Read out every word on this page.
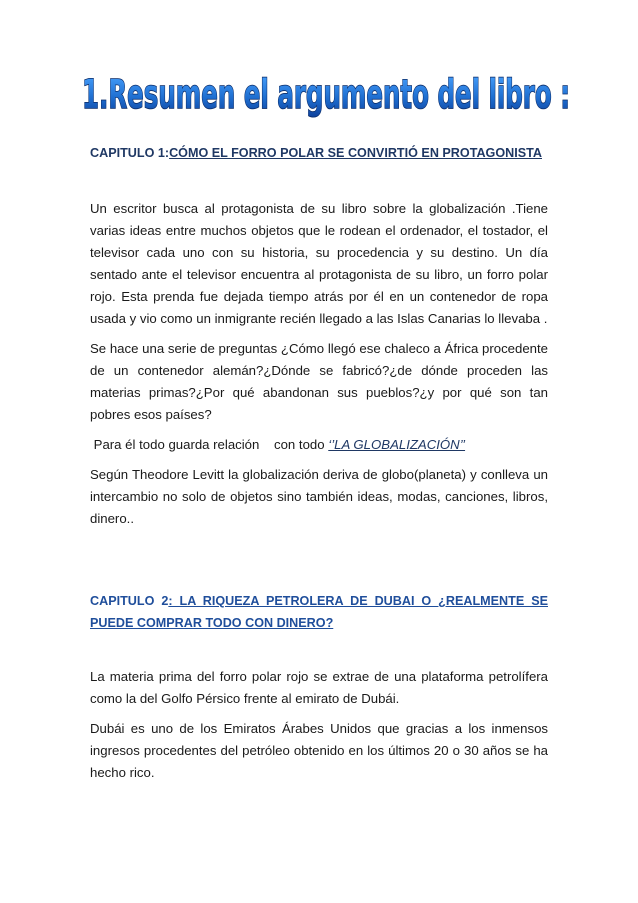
1.Resumen el argumento del libro :
CAPITULO 1:CÓMO EL FORRO POLAR SE CONVIRTIÓ EN PROTAGONISTA

Un escritor busca al protagonista de su libro sobre la globalización .Tiene varias ideas entre muchos objetos que le rodean el ordenador, el tostador, el televisor cada uno con su historia, su procedencia y su destino. Un día sentado ante el televisor encuentra al protagonista de su libro, un forro polar rojo. Esta prenda fue dejada tiempo atrás por él en un contenedor de ropa usada y vio como un inmigrante recién llegado a las Islas Canarias lo llevaba .

Se hace una serie de preguntas ¿Cómo llegó ese chaleco a África procedente de un contenedor alemán?¿Dónde se fabricó?¿de dónde proceden las materias primas?¿Por qué abandonan sus pueblos?¿y por qué son tan pobres esos países?

Para él todo guarda relación    con todo ‘’LA GLOBALIZACIÓN’’

Según Theodore Levitt la globalización deriva de globo(planeta) y conlleva un intercambio no solo de objetos sino también ideas, modas, canciones, libros, dinero..

CAPITULO 2: LA RIQUEZA PETROLERA DE DUBAI O ¿REALMENTE SE PUEDE COMPRAR TODO CON DINERO?

La materia prima del forro polar rojo se extrae de una plataforma petrolífera como la del Golfo Pérsico frente al emirato de Dubái.

Dubái es uno de los Emiratos Árabes Unidos que gracias a los inmensos ingresos procedentes del petróleo obtenido en los últimos 20 o 30 años se ha hecho rico.
